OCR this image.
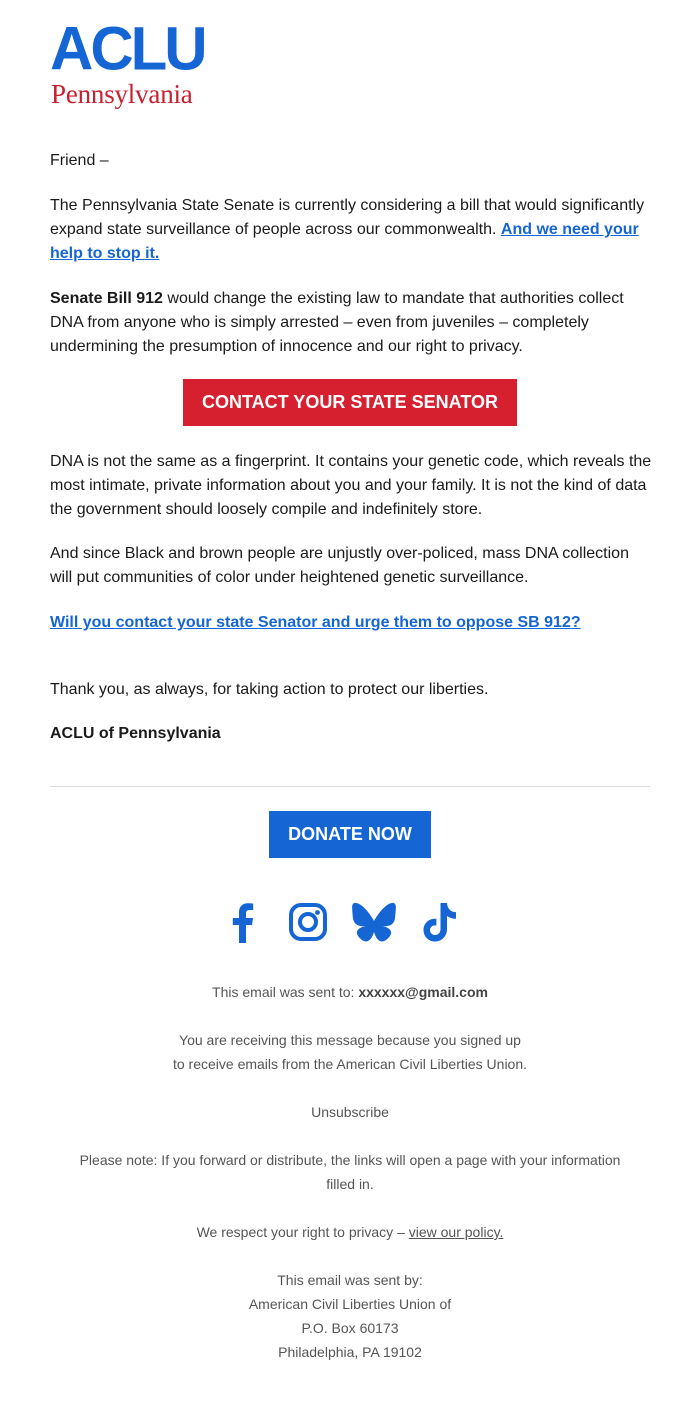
ACLU
Pennsylvania
Friend –
The Pennsylvania State Senate is currently considering a bill that would significantly expand state surveillance of people across our commonwealth. And we need your help to stop it.
Senate Bill 912 would change the existing law to mandate that authorities collect DNA from anyone who is simply arrested – even from juveniles – completely undermining the presumption of innocence and our right to privacy.
CONTACT YOUR STATE SENATOR
DNA is not the same as a fingerprint. It contains your genetic code, which reveals the most intimate, private information about you and your family. It is not the kind of data the government should loosely compile and indefinitely store.
And since Black and brown people are unjustly over-policed, mass DNA collection will put communities of color under heightened genetic surveillance.
Will you contact your state Senator and urge them to oppose SB 912?
Thank you, as always, for taking action to protect our liberties.
ACLU of Pennsylvania
DONATE NOW
This email was sent to: xxxxxx@gmail.com
You are receiving this message because you signed up
to receive emails from the American Civil Liberties Union.
Unsubscribe
Please note: If you forward or distribute, the links will open a page with your information
filled in.
We respect your right to privacy – view our policy.
This email was sent by:
American Civil Liberties Union of
P.O. Box 60173
Philadelphia, PA 19102
